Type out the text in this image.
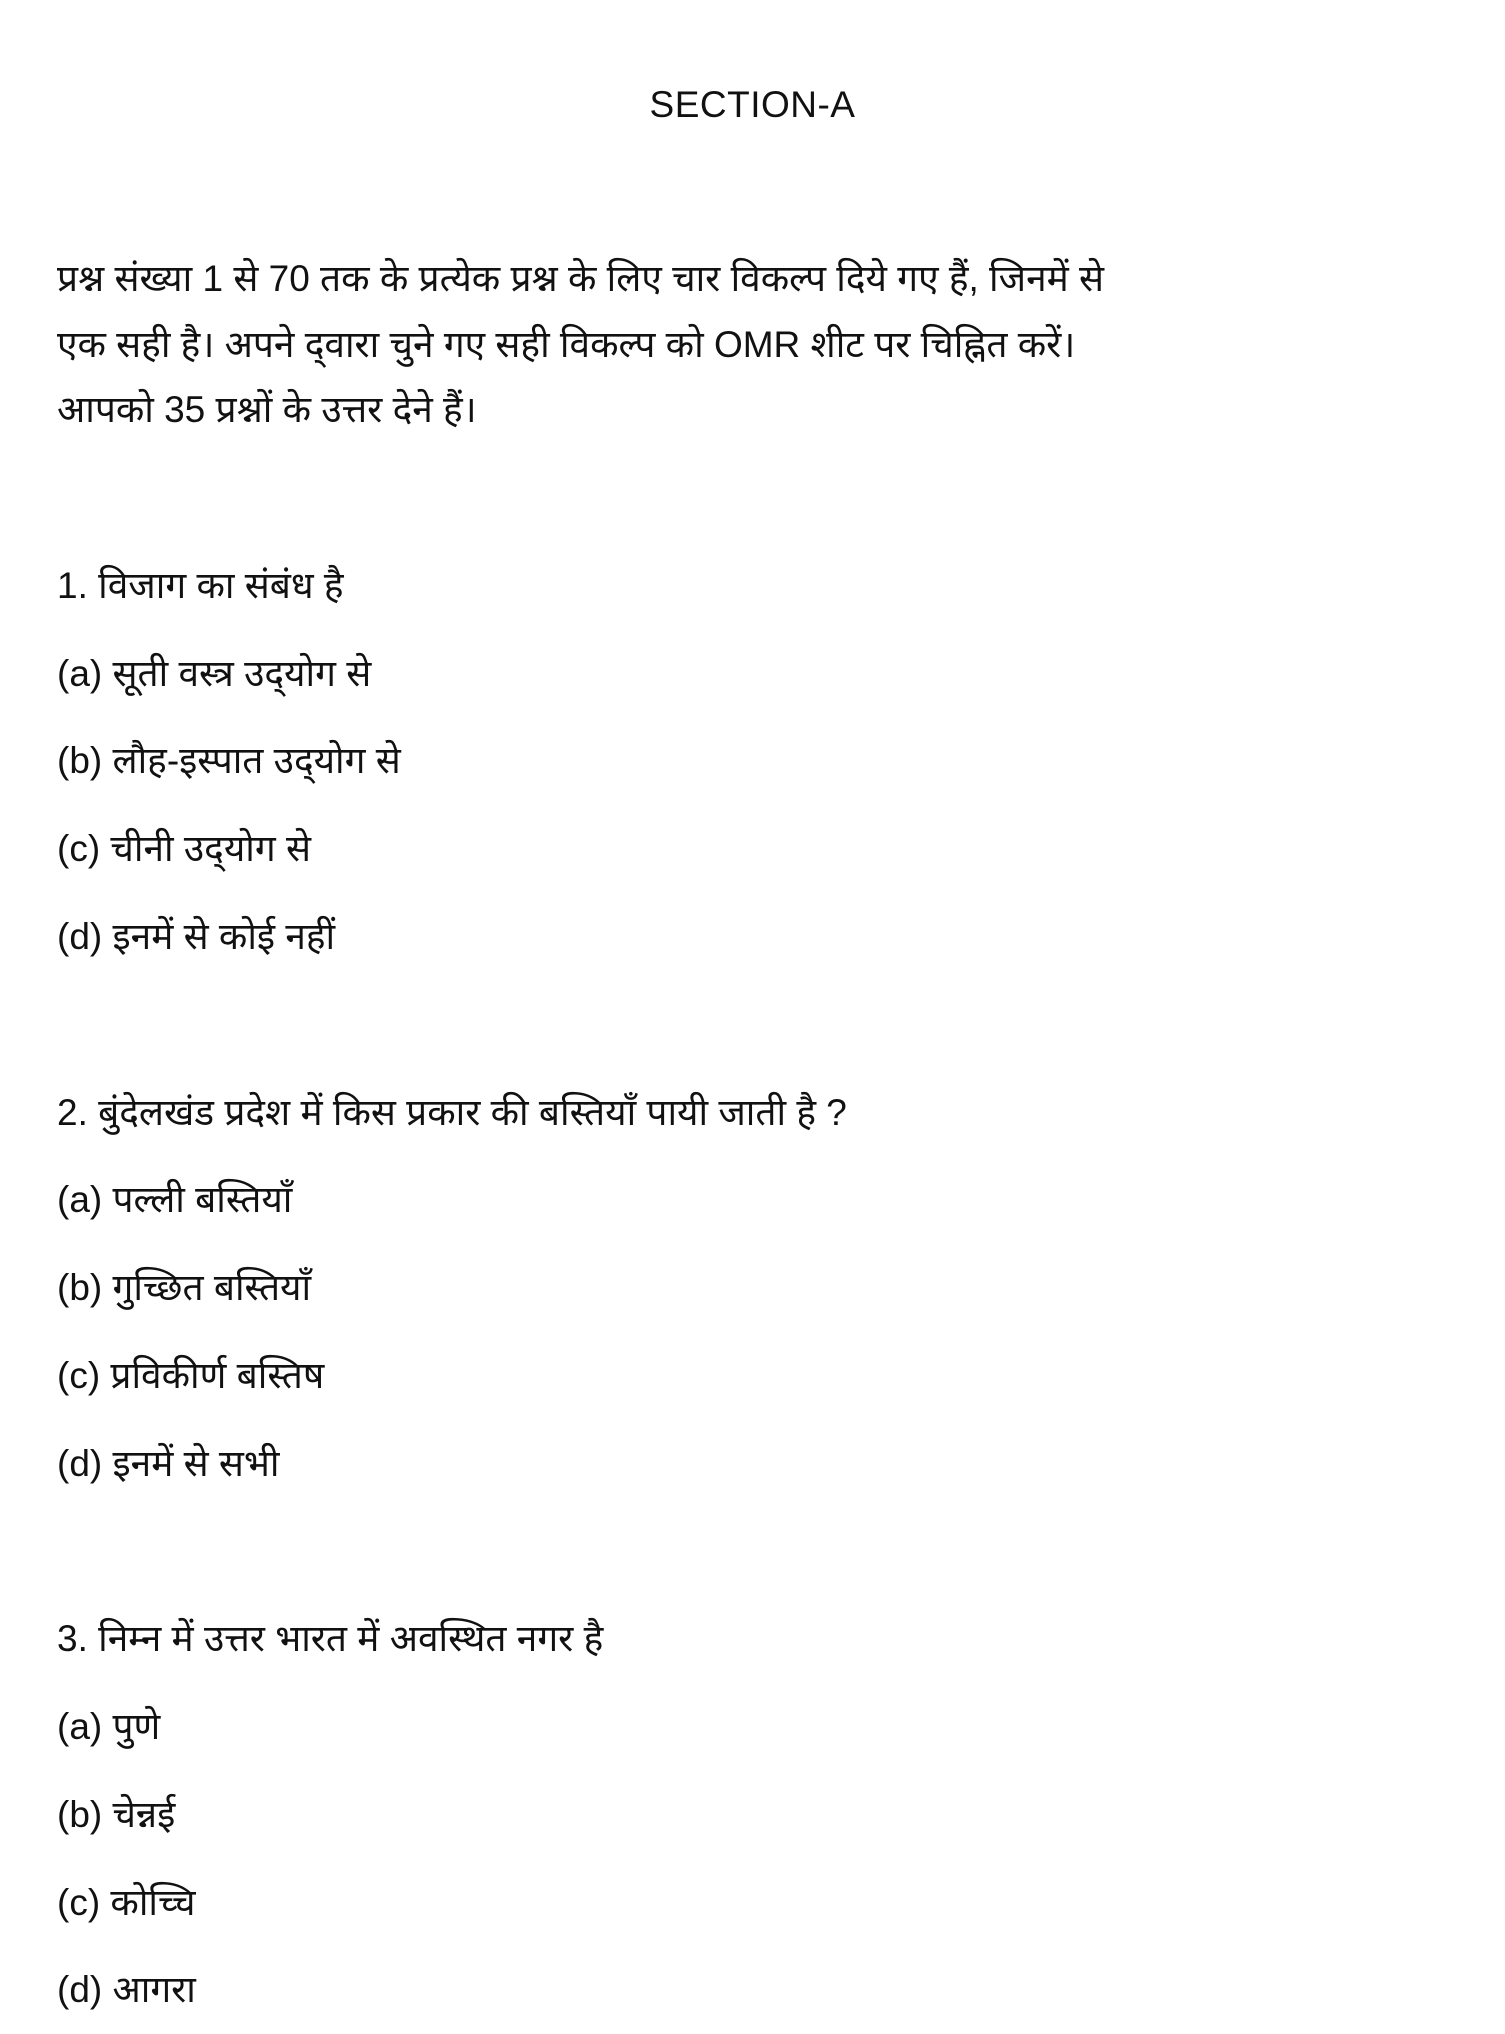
SECTION-A
प्रश्न संख्या 1 से 70 तक के प्रत्येक प्रश्न के लिए चार विकल्प दिये गए हैं, जिनमें से
एक सही है। अपने द्‌वारा चुने गए सही विकल्प को OMR शीट पर चिह्नित करें।
आपको 35 प्रश्नों के उत्तर देने हैं।
1. विजाग का संबंध है
(a) सूती वस्त्र उद्‌योग से
(b) लौह-इस्पात उद्‌योग से
(c) चीनी उद्‌योग से
(d) इनमें से कोई नहीं
2. बुंदेलखंड प्रदेश में किस प्रकार की बस्तियाँ पायी जाती है ?
(a) पल्ली बस्तियाँ
(b) गुच्छित बस्तियाँ
(c) प्रविकीर्ण बस्तिष
(d) इनमें से सभी
3. निम्न में उत्तर भारत में अवस्थित नगर है
(a) पुणे
(b) चेन्नई
(c) कोच्चि
(d) आगरा
